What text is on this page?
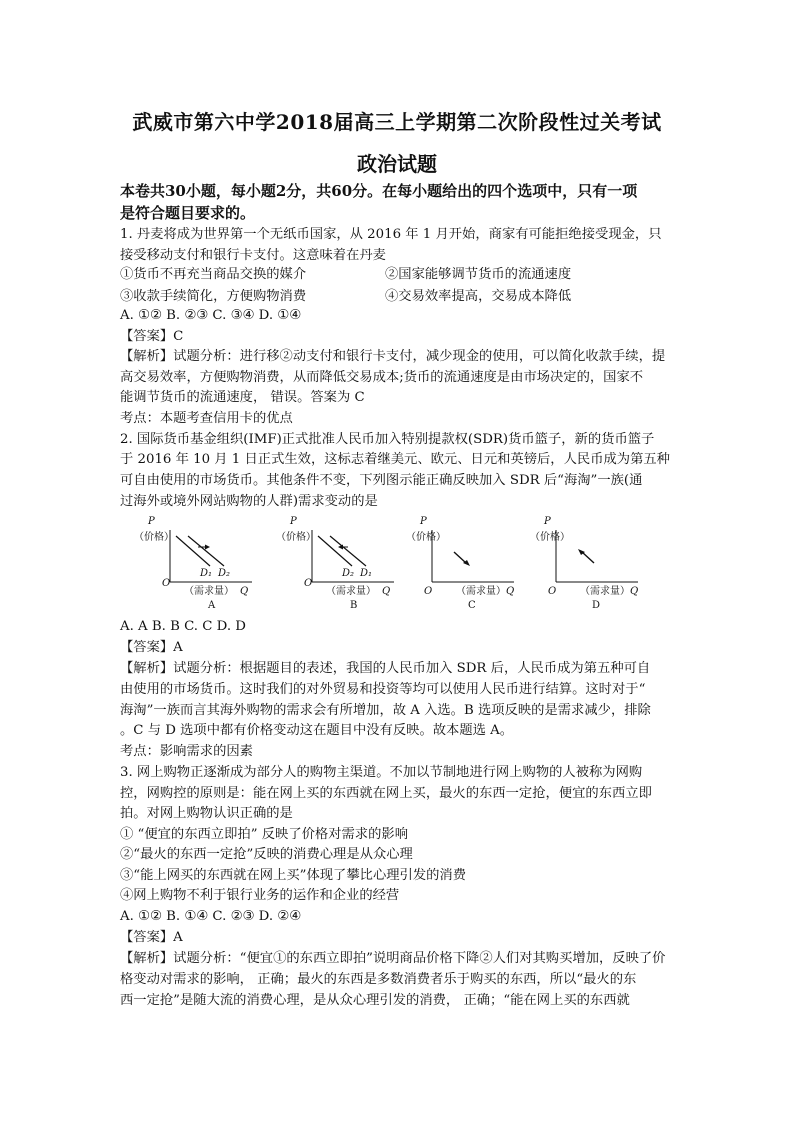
武威市第六中学2018届高三上学期第二次阶段性过关考试
政治试题
本卷共30小题，每小题2分，共60分。在每小题给出的四个选项中，只有一项
是符合题目要求的。
1. 丹麦将成为世界第一个无纸币国家，从 2016 年 1 月开始，商家有可能拒绝接受现金，只
接受移动支付和银行卡支付。这意味着在丹麦
①货币不再充当商品交换的媒介	②国家能够调节货币的流通速度
③收款手续简化，方便购物消费	④交易效率提高，交易成本降低
A. ①② B. ②③ C. ③④ D. ①④
【答案】C
【解析】试题分析：进行移②动支付和银行卡支付，减少现金的使用，可以简化收款手续，提
高交易效率，方便购物消费，从而降低交易成本;货币的流通速度是由市场决定的，国家不
能调节货币的流通速度， 错误。答案为 C
考点：本题考查信用卡的优点
2. 国际货币基金组织(IMF)正式批准人民币加入特别提款权(SDR)货币篮子，新的货币篮子
于 2016 年 10 月 1 日正式生效，这标志着继美元、欧元、日元和英镑后，人民币成为第五种
可自由使用的市场货币。其他条件不变，下列图示能正确反映加入 SDR 后“海淘”一族(通
过海外或境外网站购物的人群)需求变动的是
P
（价格）
O
（需求量） Q
D₁ D₂
A
P
（价格）
O
（需求量） Q
D₂ D₁
B
P
（价格）
O （需求量） Q
C
P
（价格）
O （需求量） Q
D
A. A B. B C. C D. D
【答案】A
【解析】试题分析：根据题目的表述，我国的人民币加入 SDR 后，人民币成为第五种可自
由使用的市场货币。这时我们的对外贸易和投资等均可以使用人民币进行结算。这时对于“
海淘”一族而言其海外购物的需求会有所增加，故 A 入选。B 选项反映的是需求减少，排除
。C 与 D 选项中都有价格变动这在题目中没有反映。故本题选 A。
考点：影响需求的因素
3. 网上购物正逐渐成为部分人的购物主渠道。不加以节制地进行网上购物的人被称为网购
控，网购控的原则是：能在网上买的东西就在网上买，最火的东西一定抢，便宜的东西立即
拍。对网上购物认识正确的是
① “便宜的东西立即拍” 反映了价格对需求的影响
②“最火的东西一定抢”反映的消费心理是从众心理
③“能上网买的东西就在网上买”体现了攀比心理引发的消费
④网上购物不利于银行业务的运作和企业的经营
A. ①② B. ①④ C. ②③ D. ②④
【答案】A
【解析】试题分析：“便宜①的东西立即拍”说明商品价格下降②人们对其购买增加，反映了价
格变动对需求的影响， 正确；最火的东西是多数消费者乐于购买的东西，所以“最火的东
西一定抢”是随大流的消费心理，是从众心理引发的消费， 正确；“能在网上买的东西就
